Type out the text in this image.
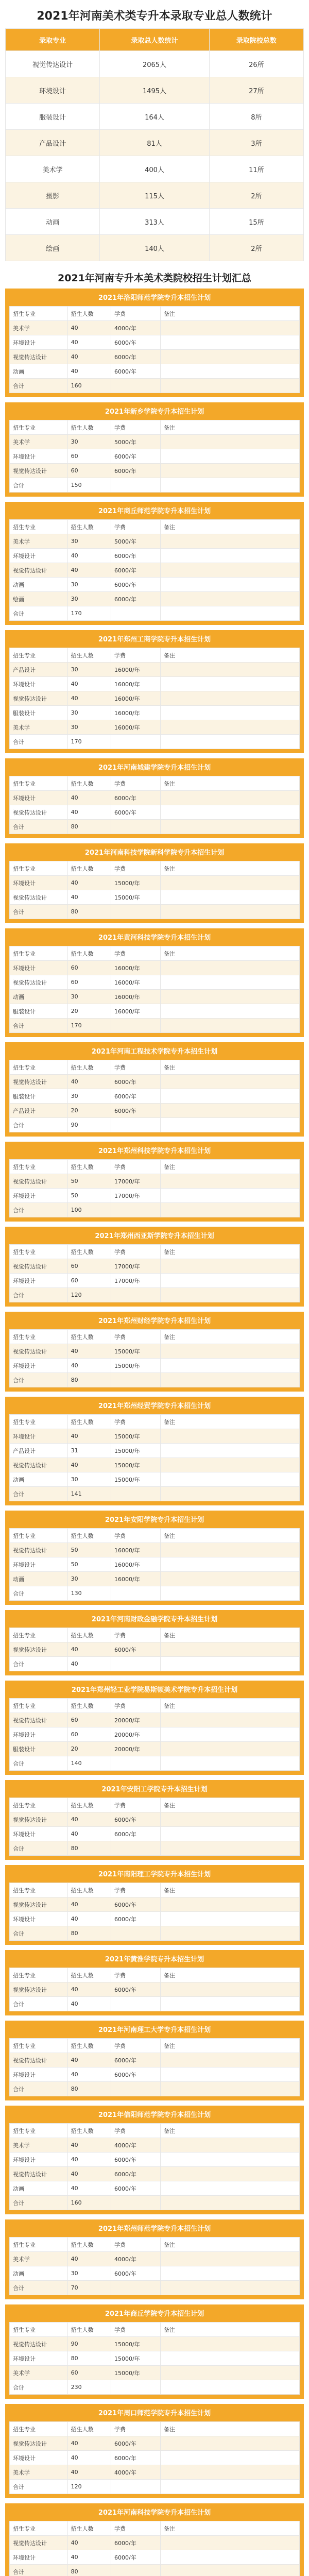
2021年河南美术类专升本录取专业总人数统计
录取专业	录取总人数统计	录取院校总数
视觉传达设计	2065人	26所
环境设计	1495人	27所
服装设计	164人	8所
产品设计	81人	3所
美术学	400人	11所
摄影	115人	2所
动画	313人	15所
绘画	140人	2所
2021年河南专升本美术类院校招生计划汇总
2021年洛阳师范学院专升本招生计划
招生专业	招生人数	学费	备注
美术学	40	4000/年	
环境设计	40	6000/年	
视觉传达设计	40	6000/年	
动画	40	6000/年	
合计	160		
2021年新乡学院专升本招生计划
招生专业	招生人数	学费	备注
美术学	30	5000/年	
环境设计	60	6000/年	
视觉传达设计	60	6000/年	
合计	150		
2021年商丘师范学院专升本招生计划
招生专业	招生人数	学费	备注
美术学	30	5000/年	
环境设计	40	6000/年	
视觉传达设计	40	6000/年	
动画	30	6000/年	
绘画	30	6000/年	
合计	170		
2021年郑州工商学院专升本招生计划
招生专业	招生人数	学费	备注
产品设计	30	16000/年	
环境设计	40	16000/年	
视觉传达设计	40	16000/年	
服装设计	30	16000/年	
美术学	30	16000/年	
合计	170		
2021年河南城建学院专升本招生计划
招生专业	招生人数	学费	备注
环境设计	40	6000/年	
视觉传达设计	40	6000/年	
合计	80		
2021年河南科技学院新科学院专升本招生计划
招生专业	招生人数	学费	备注
环境设计	40	15000/年	
视觉传达设计	40	15000/年	
合计	80		
2021年黄河科技学院专升本招生计划
招生专业	招生人数	学费	备注
环境设计	60	16000/年	
视觉传达设计	60	16000/年	
动画	30	16000/年	
服装设计	20	16000/年	
合计	170		
2021年河南工程技术学院专升本招生计划
招生专业	招生人数	学费	备注
视觉传达设计	40	6000/年	
服装设计	30	6000/年	
产品设计	20	6000/年	
合计	90		
2021年郑州科技学院专升本招生计划
招生专业	招生人数	学费	备注
视觉传达设计	50	17000/年	
环境设计	50	17000/年	
合计	100		
2021年郑州西亚斯学院专升本招生计划
招生专业	招生人数	学费	备注
视觉传达设计	60	17000/年	
环境设计	60	17000/年	
合计	120		
2021年郑州财经学院专升本招生计划
招生专业	招生人数	学费	备注
视觉传达设计	40	15000/年	
环境设计	40	15000/年	
合计	80		
2021年郑州经贸学院专升本招生计划
招生专业	招生人数	学费	备注
环境设计	40	15000/年	
产品设计	31	15000/年	
视觉传达设计	40	15000/年	
动画	30	15000/年	
合计	141		
2021年安阳学院专升本招生计划
招生专业	招生人数	学费	备注
视觉传达设计	50	16000/年	
环境设计	50	16000/年	
动画	30	16000/年	
合计	130		
2021年河南财政金融学院专升本招生计划
招生专业	招生人数	学费	备注
视觉传达设计	40	6000/年	
合计	40		
2021年郑州轻工业学院易斯顿美术学院专升本招生计划
招生专业	招生人数	学费	备注
视觉传达设计	60	20000/年	
环境设计	60	20000/年	
服装设计	20	20000/年	
合计	140		
2021年安阳工学院专升本招生计划
招生专业	招生人数	学费	备注
视觉传达设计	40	6000/年	
环境设计	40	6000/年	
合计	80		
2021年南阳理工学院专升本招生计划
招生专业	招生人数	学费	备注
视觉传达设计	40	6000/年	
环境设计	40	6000/年	
合计	80		
2021年黄淮学院专升本招生计划
招生专业	招生人数	学费	备注
视觉传达设计	40	6000/年	
合计	40		
2021年河南理工大学专升本招生计划
招生专业	招生人数	学费	备注
视觉传达设计	40	6000/年	
环境设计	40	6000/年	
合计	80		
2021年信阳师范学院专升本招生计划
招生专业	招生人数	学费	备注
美术学	40	4000/年	
环境设计	40	6000/年	
视觉传达设计	40	6000/年	
动画	40	6000/年	
合计	160		
2021年郑州师范学院专升本招生计划
招生专业	招生人数	学费	备注
美术学	40	4000/年	
动画	30	6000/年	
合计	70		
2021年商丘学院专升本招生计划
招生专业	招生人数	学费	备注
视觉传达设计	90	15000/年	
环境设计	80	15000/年	
美术学	60	15000/年	
合计	230		
2021年周口师范学院专升本招生计划
招生专业	招生人数	学费	备注
视觉传达设计	40	6000/年	
环境设计	40	6000/年	
美术学	40	4000/年	
合计	120		
2021年河南科技学院专升本招生计划
招生专业	招生人数	学费	备注
视觉传达设计	40	6000/年	
环境设计	40	6000/年	
合计	80		
